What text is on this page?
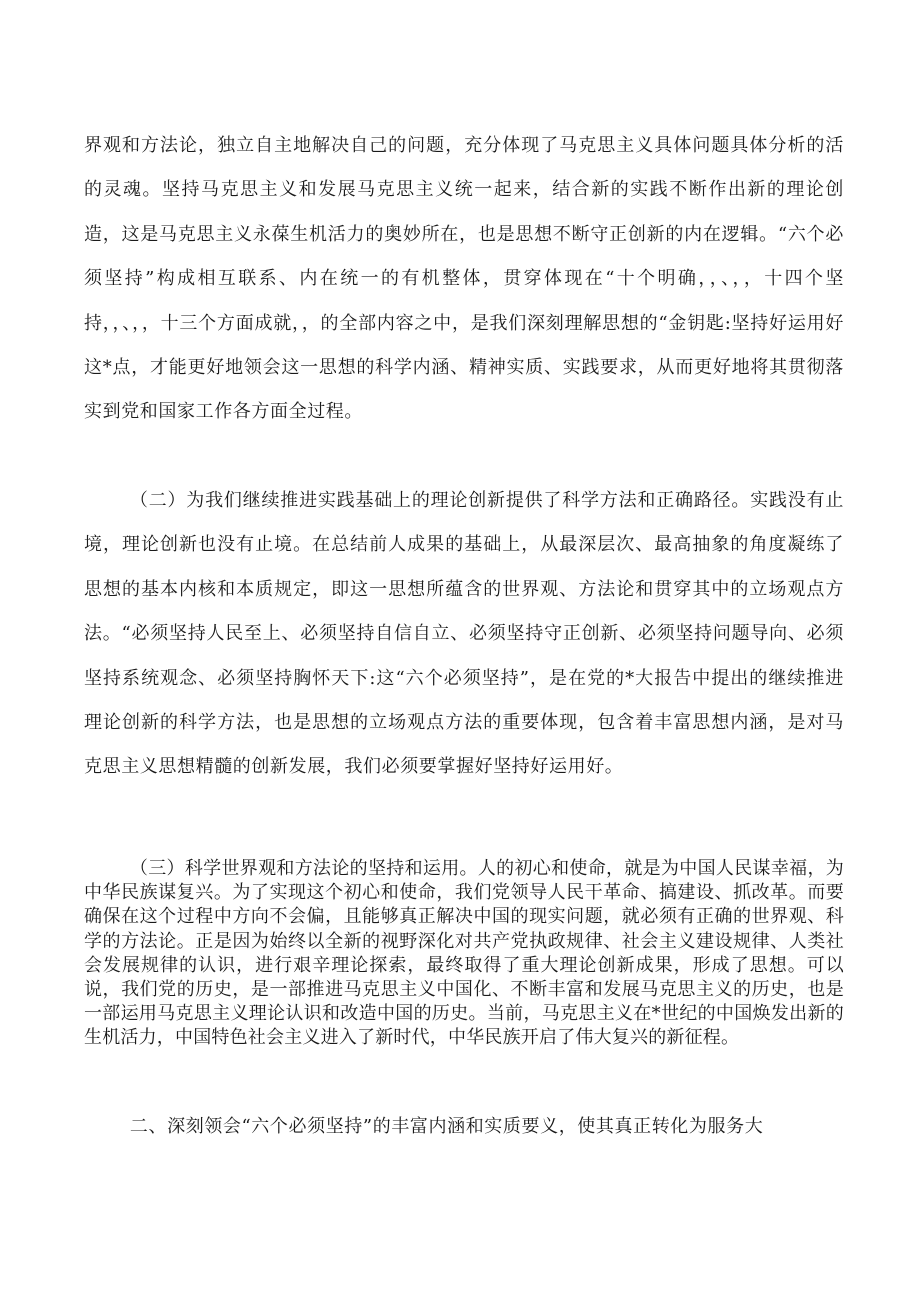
界观和方法论，独立自主地解决自己的问题，充分体现了马克思主义具体问题具体分析的活的灵魂。坚持马克思主义和发展马克思主义统一起来，结合新的实践不断作出新的理论创造，这是马克思主义永葆生机活力的奥妙所在，也是思想不断守正创新的内在逻辑。“六个必须坚持”构成相互联系、内在统一的有机整体，贯穿体现在“十个明确，，、，，十四个坚持，，、，，十三个方面成就，，的全部内容之中，是我们深刻理解思想的“金钥匙:坚持好运用好这*点，才能更好地领会这一思想的科学内涵、精神实质、实践要求，从而更好地将其贯彻落实到党和国家工作各方面全过程。

（二）为我们继续推进实践基础上的理论创新提供了科学方法和正确路径。实践没有止境，理论创新也没有止境。在总结前人成果的基础上，从最深层次、最高抽象的角度凝练了思想的基本内核和本质规定，即这一思想所蕴含的世界观、方法论和贯穿其中的立场观点方法。“必须坚持人民至上、必须坚持自信自立、必须坚持守正创新、必须坚持问题导向、必须坚持系统观念、必须坚持胸怀天下:这“六个必须坚持”，是在党的*大报告中提出的继续推进理论创新的科学方法，也是思想的立场观点方法的重要体现，包含着丰富思想内涵，是对马克思主义思想精髓的创新发展，我们必须要掌握好坚持好运用好。

（三）科学世界观和方法论的坚持和运用。人的初心和使命，就是为中国人民谋幸福，为中华民族谋复兴。为了实现这个初心和使命，我们党领导人民干革命、搞建设、抓改革。而要确保在这个过程中方向不会偏，且能够真正解决中国的现实问题，就必须有正确的世界观、科学的方法论。正是因为始终以全新的视野深化对共产党执政规律、社会主义建设规律、人类社会发展规律的认识，进行艰辛理论探索，最终取得了重大理论创新成果，形成了思想。可以说，我们党的历史，是一部推进马克思主义中国化、不断丰富和发展马克思主义的历史，也是一部运用马克思主义理论认识和改造中国的历史。当前，马克思主义在*世纪的中国焕发出新的生机活力，中国特色社会主义进入了新时代，中华民族开启了伟大复兴的新征程。

二、深刻领会“六个必须坚持”的丰富内涵和实质要义，使其真正转化为服务大
